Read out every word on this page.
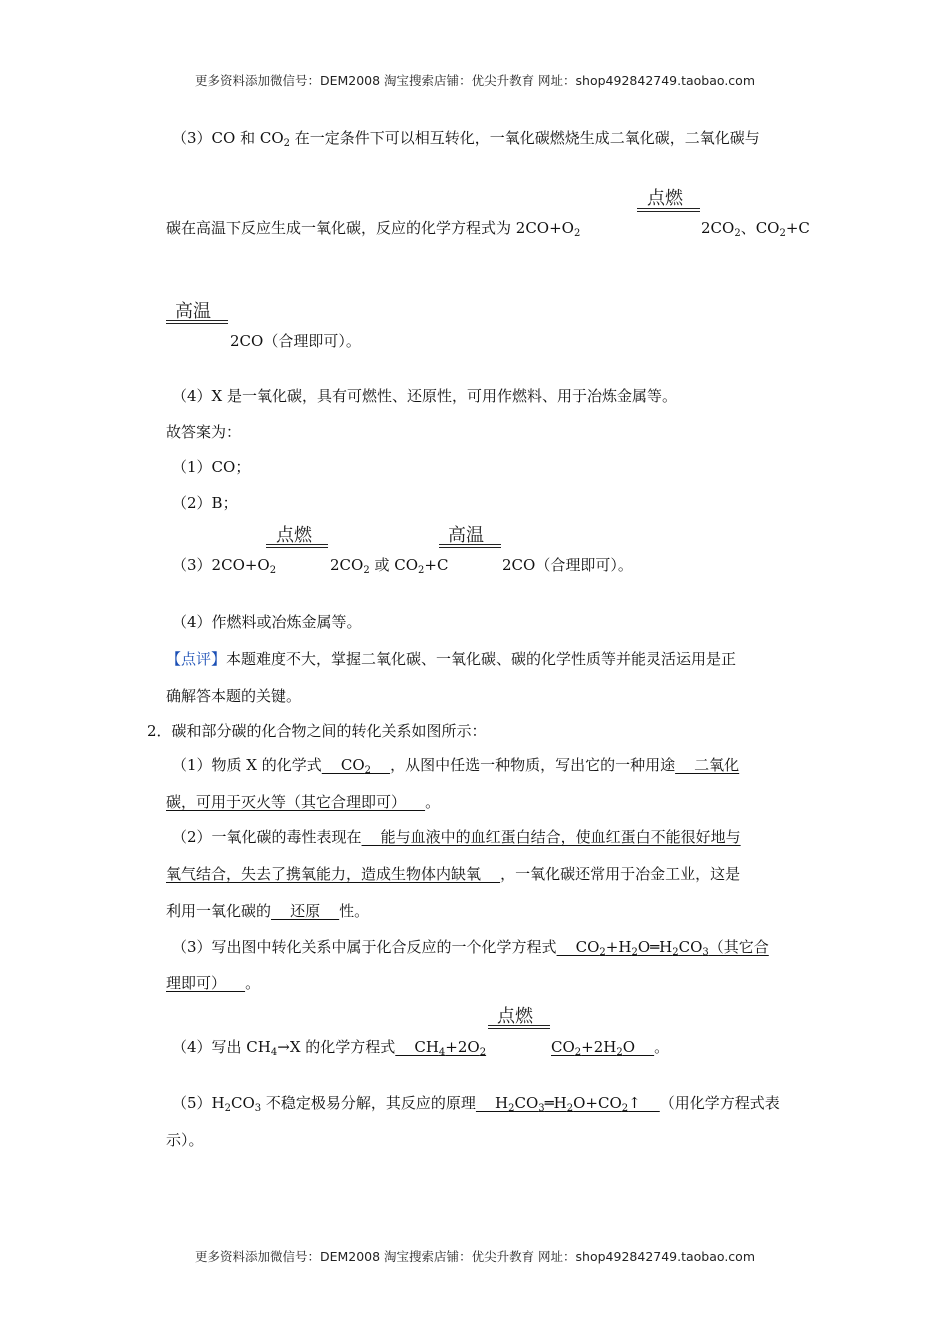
更多资料添加微信号：DEM2008 淘宝搜索店铺：优尖升教育 网址：shop492842749.taobao.com
（3）CO 和 $CO_2$ 在一定条件下可以相互转化，一氧化碳燃烧生成二氧化碳，二氧化碳与
点燃
碳在高温下反应生成一氧化碳，反应的化学方程式为 $2CO+O_2$	$2CO_2$、$CO_2+C$
高温
2CO（合理即可）。
（4）X 是一氧化碳，具有可燃性、还原性，可用作燃料、用于冶炼金属等。
故答案为：
（1）CO；
（2）B；
点燃	高温
$(3)2CO+O_2$	$2CO_2$ 或 $CO_2+C$	2CO（合理即可）。
（4）作燃料或冶炼金属等。
【点评】本题难度不大，掌握二氧化碳、一氧化碳、碳的化学性质等并能灵活运用是正
确解答本题的关键。
2．碳和部分碳的化合物之间的转化关系如图所示：
（1）物质 X 的化学式    $CO_2$ ，从图中任选一种物质，写出它的一种用途    二氧化
碳，可用于灭火等（其它合理即可）    。
（2）一氧化碳的毒性表现在    能与血液中的血红蛋白结合，使血红蛋白不能很好地与
氧气结合，失去了携氧能力，造成生物体内缺氧    ，一氧化碳还常用于冶金工业，这是
利用一氧化碳的    还原    性。
（3）写出图中转化关系中属于化合反应的一个化学方程式    $CO_2+H_2O═H_2CO_3$（其它合
理即可）    。
点燃
（4）写出 $CH_4\to X$ 的化学方程式    $CH_4+2O_2$	$CO_2+2H_2O$    。
$(5)H_2CO_3$ 不稳定极易分解，其反应的原理    $H_2CO_3═H_2O+CO_2↑$    （用化学方程式表
示）。
更多资料添加微信号：DEM2008 淘宝搜索店铺：优尖升教育 网址：shop492842749.taobao.com
